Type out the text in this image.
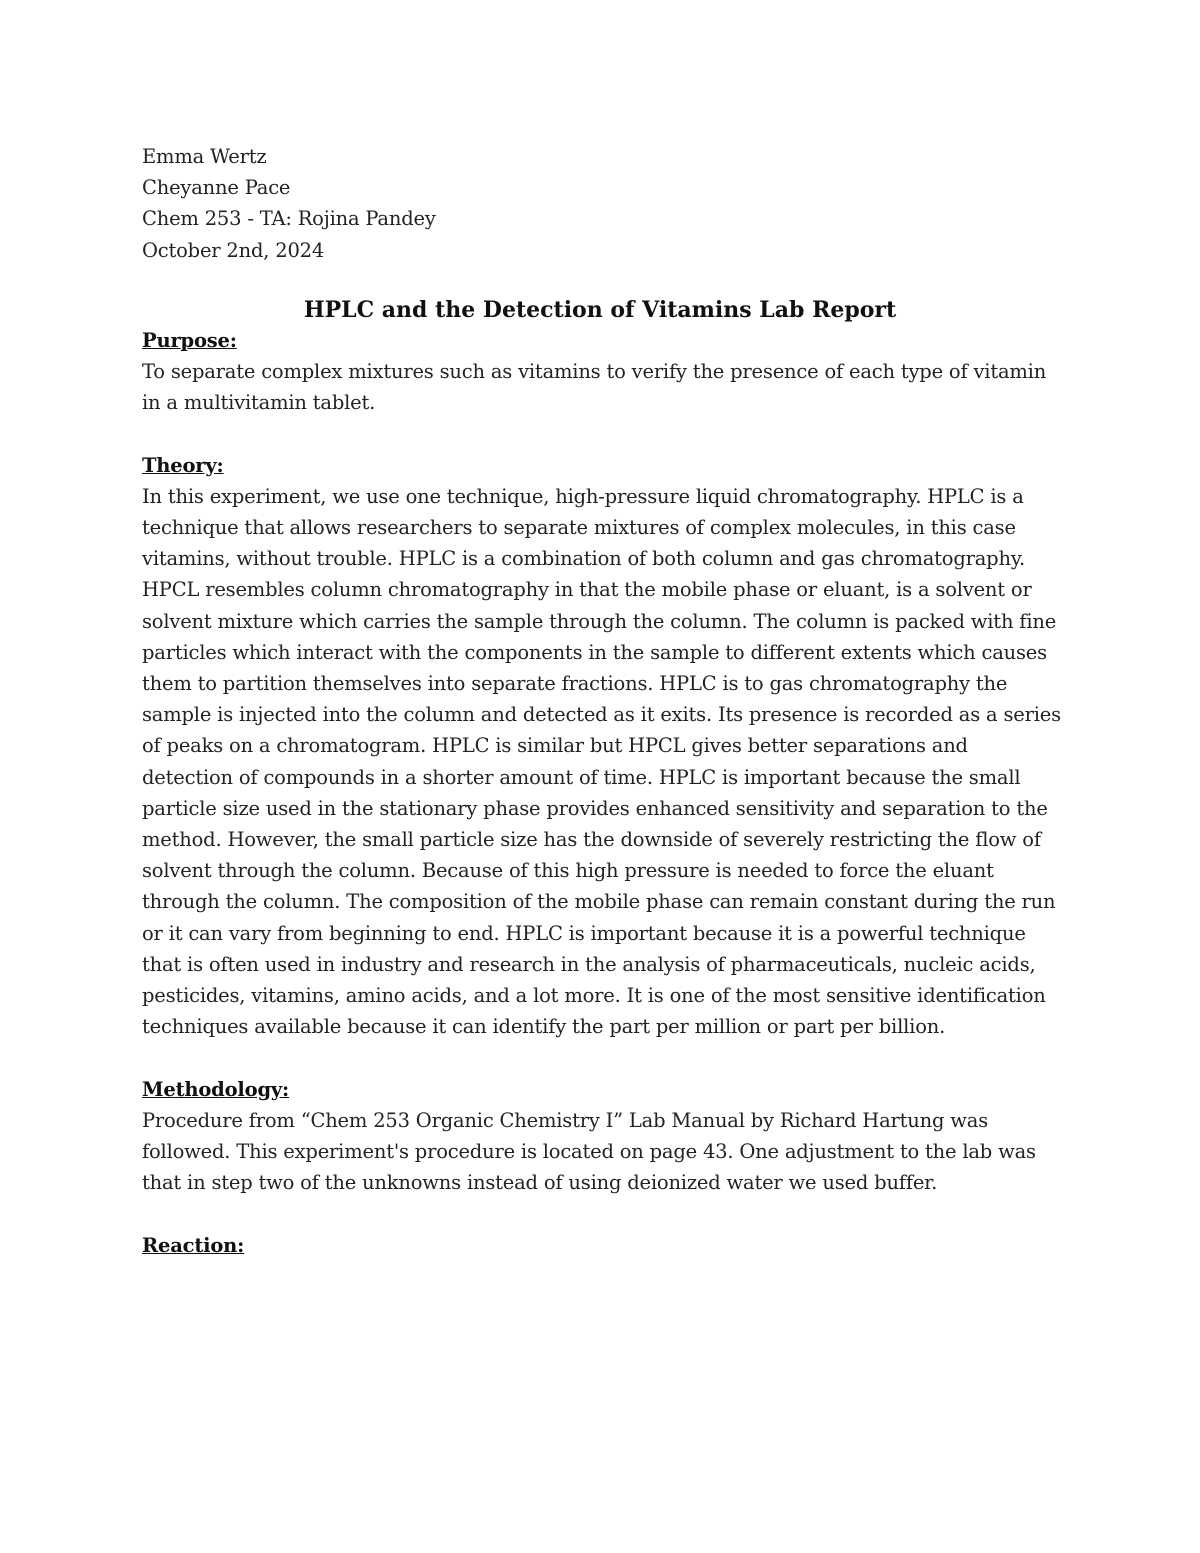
Emma Wertz
Cheyanne Pace
Chem 253 - TA: Rojina Pandey
October 2nd, 2024
HPLC and the Detection of Vitamins Lab Report
Purpose:
To separate complex mixtures such as vitamins to verify the presence of each type of vitamin in a multivitamin tablet.
Theory:
In this experiment, we use one technique, high-pressure liquid chromatography. HPLC is a technique that allows researchers to separate mixtures of complex molecules, in this case vitamins, without trouble. HPLC is a combination of both column and gas chromatography. HPCL resembles column chromatography in that the mobile phase or eluant, is a solvent or solvent mixture which carries the sample through the column. The column is packed with fine particles which interact with the components in the sample to different extents which causes them to partition themselves into separate fractions. HPLC is to gas chromatography the sample is injected into the column and detected as it exits. Its presence is recorded as a series of peaks on a chromatogram. HPLC is similar but HPCL gives better separations and detection of compounds in a shorter amount of time. HPLC is important because the small particle size used in the stationary phase provides enhanced sensitivity and separation to the method. However, the small particle size has the downside of severely restricting the flow of solvent through the column. Because of this high pressure is needed to force the eluant through the column. The composition of the mobile phase can remain constant during the run or it can vary from beginning to end. HPLC is important because it is a powerful technique that is often used in industry and research in the analysis of pharmaceuticals, nucleic acids, pesticides, vitamins, amino acids, and a lot more. It is one of the most sensitive identification techniques available because it can identify the part per million or part per billion.
Methodology:
Procedure from “Chem 253 Organic Chemistry I” Lab Manual by Richard Hartung was followed. This experiment's procedure is located on page 43. One adjustment to the lab was that in step two of the unknowns instead of using deionized water we used buffer.
Reaction:
